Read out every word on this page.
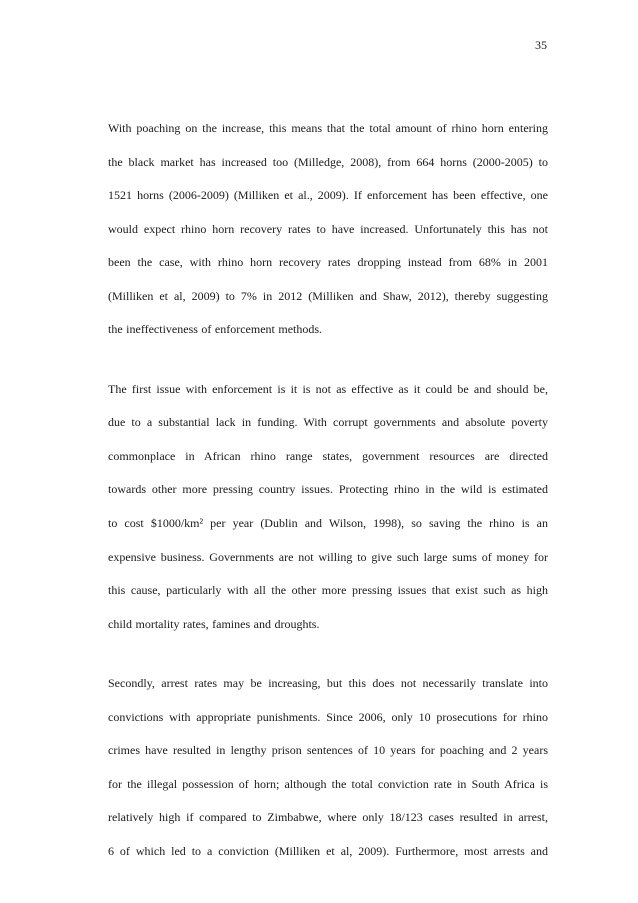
35
With poaching on the increase, this means that the total amount of rhino horn entering
the black market has increased too (Milledge, 2008), from 664 horns (2000-2005) to
1521 horns (2006-2009) (Milliken et al., 2009). If enforcement has been effective, one
would expect rhino horn recovery rates to have increased. Unfortunately this has not
been the case, with rhino horn recovery rates dropping instead from 68% in 2001
(Milliken et al, 2009) to 7% in 2012 (Milliken and Shaw, 2012), thereby suggesting
the ineffectiveness of enforcement methods.
The first issue with enforcement is it is not as effective as it could be and should be,
due to a substantial lack in funding. With corrupt governments and absolute poverty
commonplace in African rhino range states, government resources are directed
towards other more pressing country issues. Protecting rhino in the wild is estimated
to cost $1000/km² per year (Dublin and Wilson, 1998), so saving the rhino is an
expensive business. Governments are not willing to give such large sums of money for
this cause, particularly with all the other more pressing issues that exist such as high
child mortality rates, famines and droughts.
Secondly, arrest rates may be increasing, but this does not necessarily translate into
convictions with appropriate punishments. Since 2006, only 10 prosecutions for rhino
crimes have resulted in lengthy prison sentences of 10 years for poaching and 2 years
for the illegal possession of horn; although the total conviction rate in South Africa is
relatively high if compared to Zimbabwe, where only 18/123 cases resulted in arrest,
6 of which led to a conviction (Milliken et al, 2009). Furthermore, most arrests and
